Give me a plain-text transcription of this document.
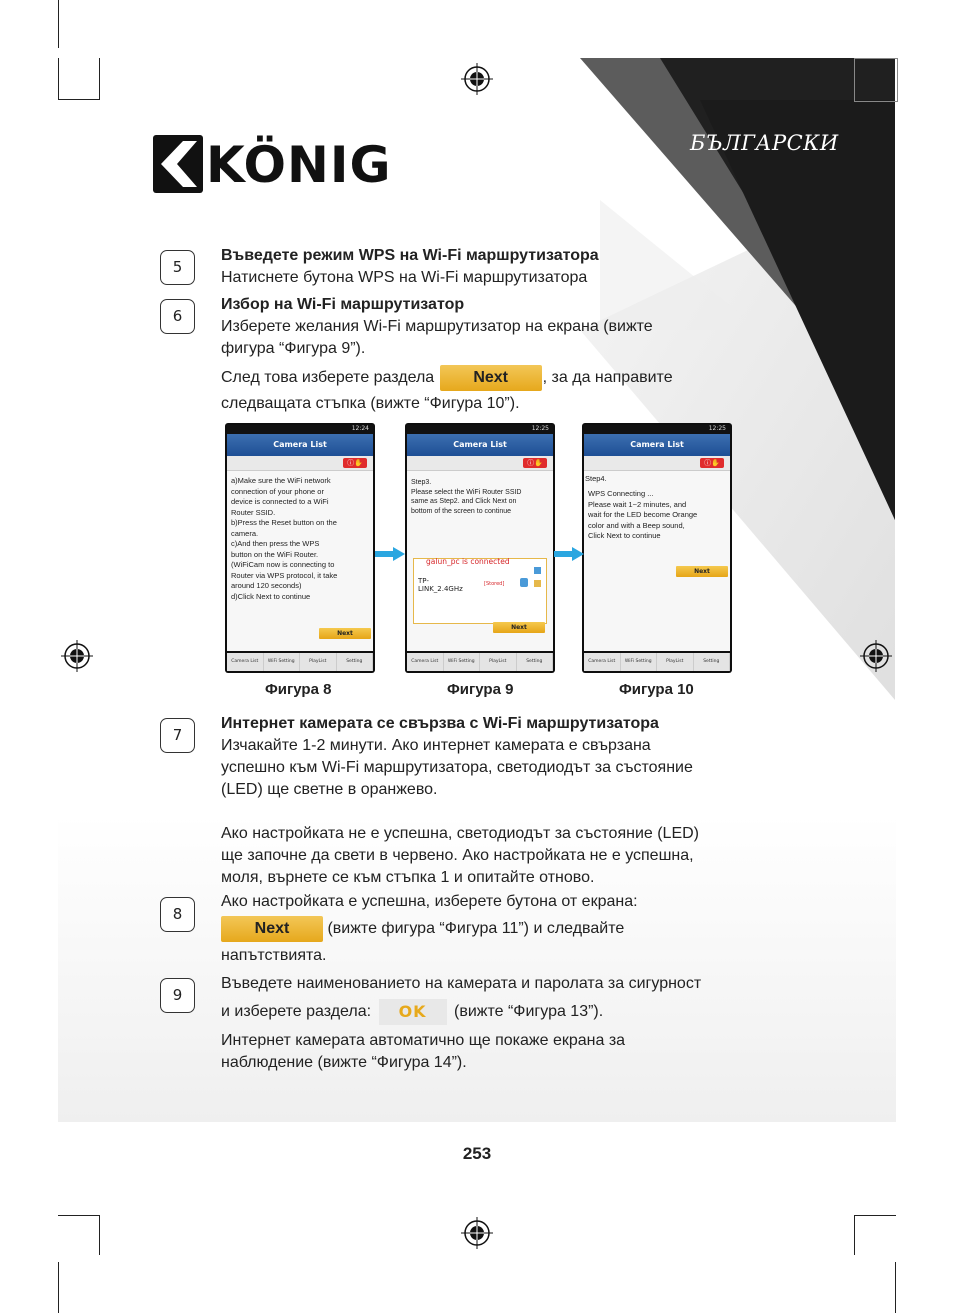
БЪЛГАРСКИ
KÖNIG
5
Въведете режим WPS на Wi-Fi маршрутизатора
Натиснете бутона WPS на Wi-Fi маршрутизатора
6
Избор на Wi-Fi маршрутизатор
Изберете желания Wi-Fi маршрутизатор на екрана (вижте
фигура “Фигура 9”).
След това изберете раздела Next , за да направите
следващата стъпка (вижте “Фигура 10”).
12:24
Camera List
ⓘ✋
a)Make sure the WiFi network
connection of your phone or
device is connected to a WiFi
Router SSID.
b)Press the Reset button on the
camera.
c)And then press the WPS
button on the WiFi Router.
(WiFiCam now is connecting to
Router via WPS protocol, it take
around 120 seconds)
d)Click Next to continue
Next
Camera List	WiFi Setting	PlayList	Setting
12:25
Camera List
ⓘ✋
Step3.
Please select the WiFi Router SSID
same as Step2. and Click Next on
bottom of the screen to continue
galun_pc is connected
TP-LINK_2.4GHz
[Stored]
Next
Camera List	WiFi Setting	PlayList	Setting
12:25
Camera List
ⓘ✋
Step4.
WPS Connecting ...
Please wait 1~2 minutes, and
wait for the LED become Orange
color and with a Beep sound,
Click Next to continue
Next
Camera List	WiFi Setting	PlayList	Setting
Фигура 8	Фигура 9	Фигура 10
7
Интернет камерата се свързва с Wi-Fi маршрутизатора
Изчакайте 1-2 минути. Ако интернет камерата е свързана
успешно към Wi-Fi маршрутизатора, светодиодът за състояние
(LED) ще светне в оранжево.
Ако настройката не е успешна, светодиодът за състояние (LED)
ще започне да свети в червено. Ако настройката не е успешна,
моля, върнете се към стъпка 1 и опитайте отново.
8
Ако настройката е успешна, изберете бутона от екрана:
Next (вижте фигура “Фигура 11”) и следвайте
напътствията.
9
Въведете наименованието на камерата и паролата за сигурност
и изберете раздела: OK (вижте “Фигура 13”).
Интернет камерата автоматично ще покаже екрана за
наблюдение (вижте “Фигура 14”).
253
